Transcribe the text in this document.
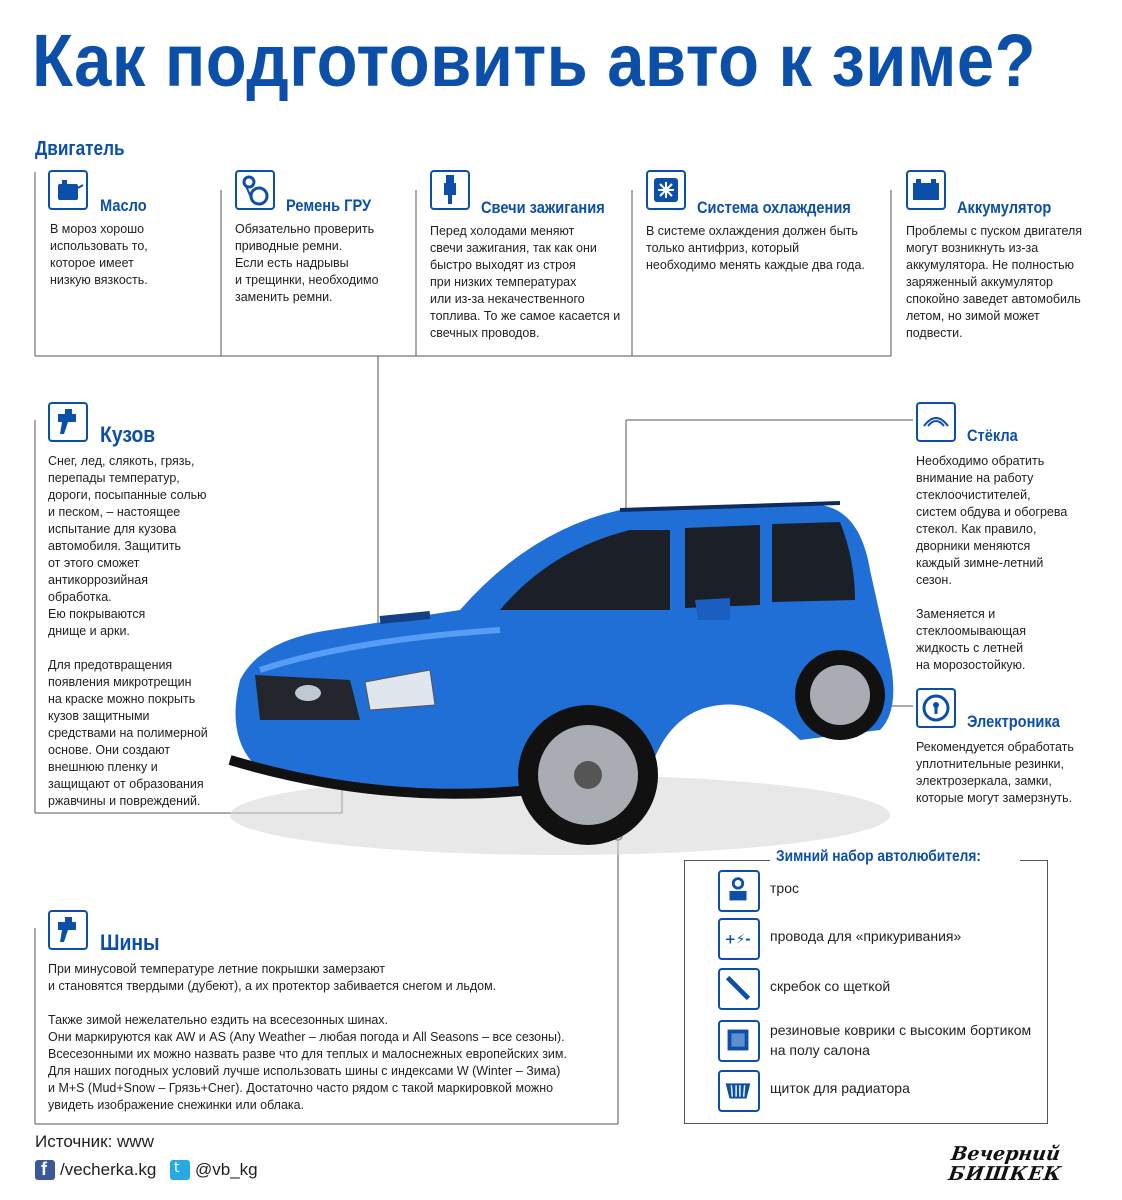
Как подготовить авто к зиме?
Двигатель
Масло
В мороз хорошо
использовать то,
которое имеет
низкую вязкость.
Ремень ГРУ
Обязательно проверить
приводные ремни.
Если есть надрывы
и трещинки, необходимо
заменить ремни.
Свечи зажигания
Перед холодами меняют
свечи зажигания, так как они
быстро выходят из строя
при низких температурах
или из-за некачественного
топлива. То же самое касается и
свечных проводов.
Система охлаждения
В системе охлаждения должен быть
только антифриз, который
необходимо менять каждые два года.
Аккумулятор
Проблемы с пуском двигателя
могут возникнуть из-за
аккумулятора. Не полностью
заряженный аккумулятор
спокойно заведет автомобиль
летом, но зимой может
подвести.
Кузов
Снег, лед, слякоть, грязь,
перепады температур,
дороги, посыпанные солью
и песком, – настоящее
испытание для кузова
автомобиля. Защитить
от этого сможет
антикоррозийная
обработка.
Ею покрываются
днище и арки.

Для предотвращения
появления микротрещин
на краске можно покрыть
кузов защитными
средствами на полимерной
основе. Они создают
внешнюю пленку и
защищают от образования
ржавчины и повреждений.
Стёкла
Необходимо обратить
внимание на работу
стеклоочистителей,
систем обдува и обогрева
стекол. Как правило,
дворники меняются
каждый зимне-летний
сезон.

Заменяется и
стеклоомывающая
жидкость с летней
на морозостойкую.
Электроника
Рекомендуется обработать
уплотнительные резинки,
электрозеркала, замки,
которые могут замерзнуть.
Шины
При минусовой температуре летние покрышки замерзают
и становятся твердыми (дубеют), а их протектор забивается снегом и льдом.

Также зимой нежелательно ездить на всесезонных шинах.
Они маркируются как AW и AS (Any Weather – любая погода и All Seasons – все сезоны).
Всесезонными их можно назвать разве что для теплых и малоснежных европейских зим.
Для наших погодных условий лучше использовать шины с индексами W (Winter – Зима)
и M+S (Mud+Snow – Грязь+Снег). Достаточно часто рядом с такой маркировкой можно
увидеть изображение снежинки или облака.
Зимний набор автолюбителя:
трос
+⚡- провода для «прикуривания»
скребок со щеткой
резиновые коврики с высоким бортиком
на полу салона
щиток для радиатора
Источник: www
f /vecherka.kg t @vb_kg
Вечерний
БИШКЕК
